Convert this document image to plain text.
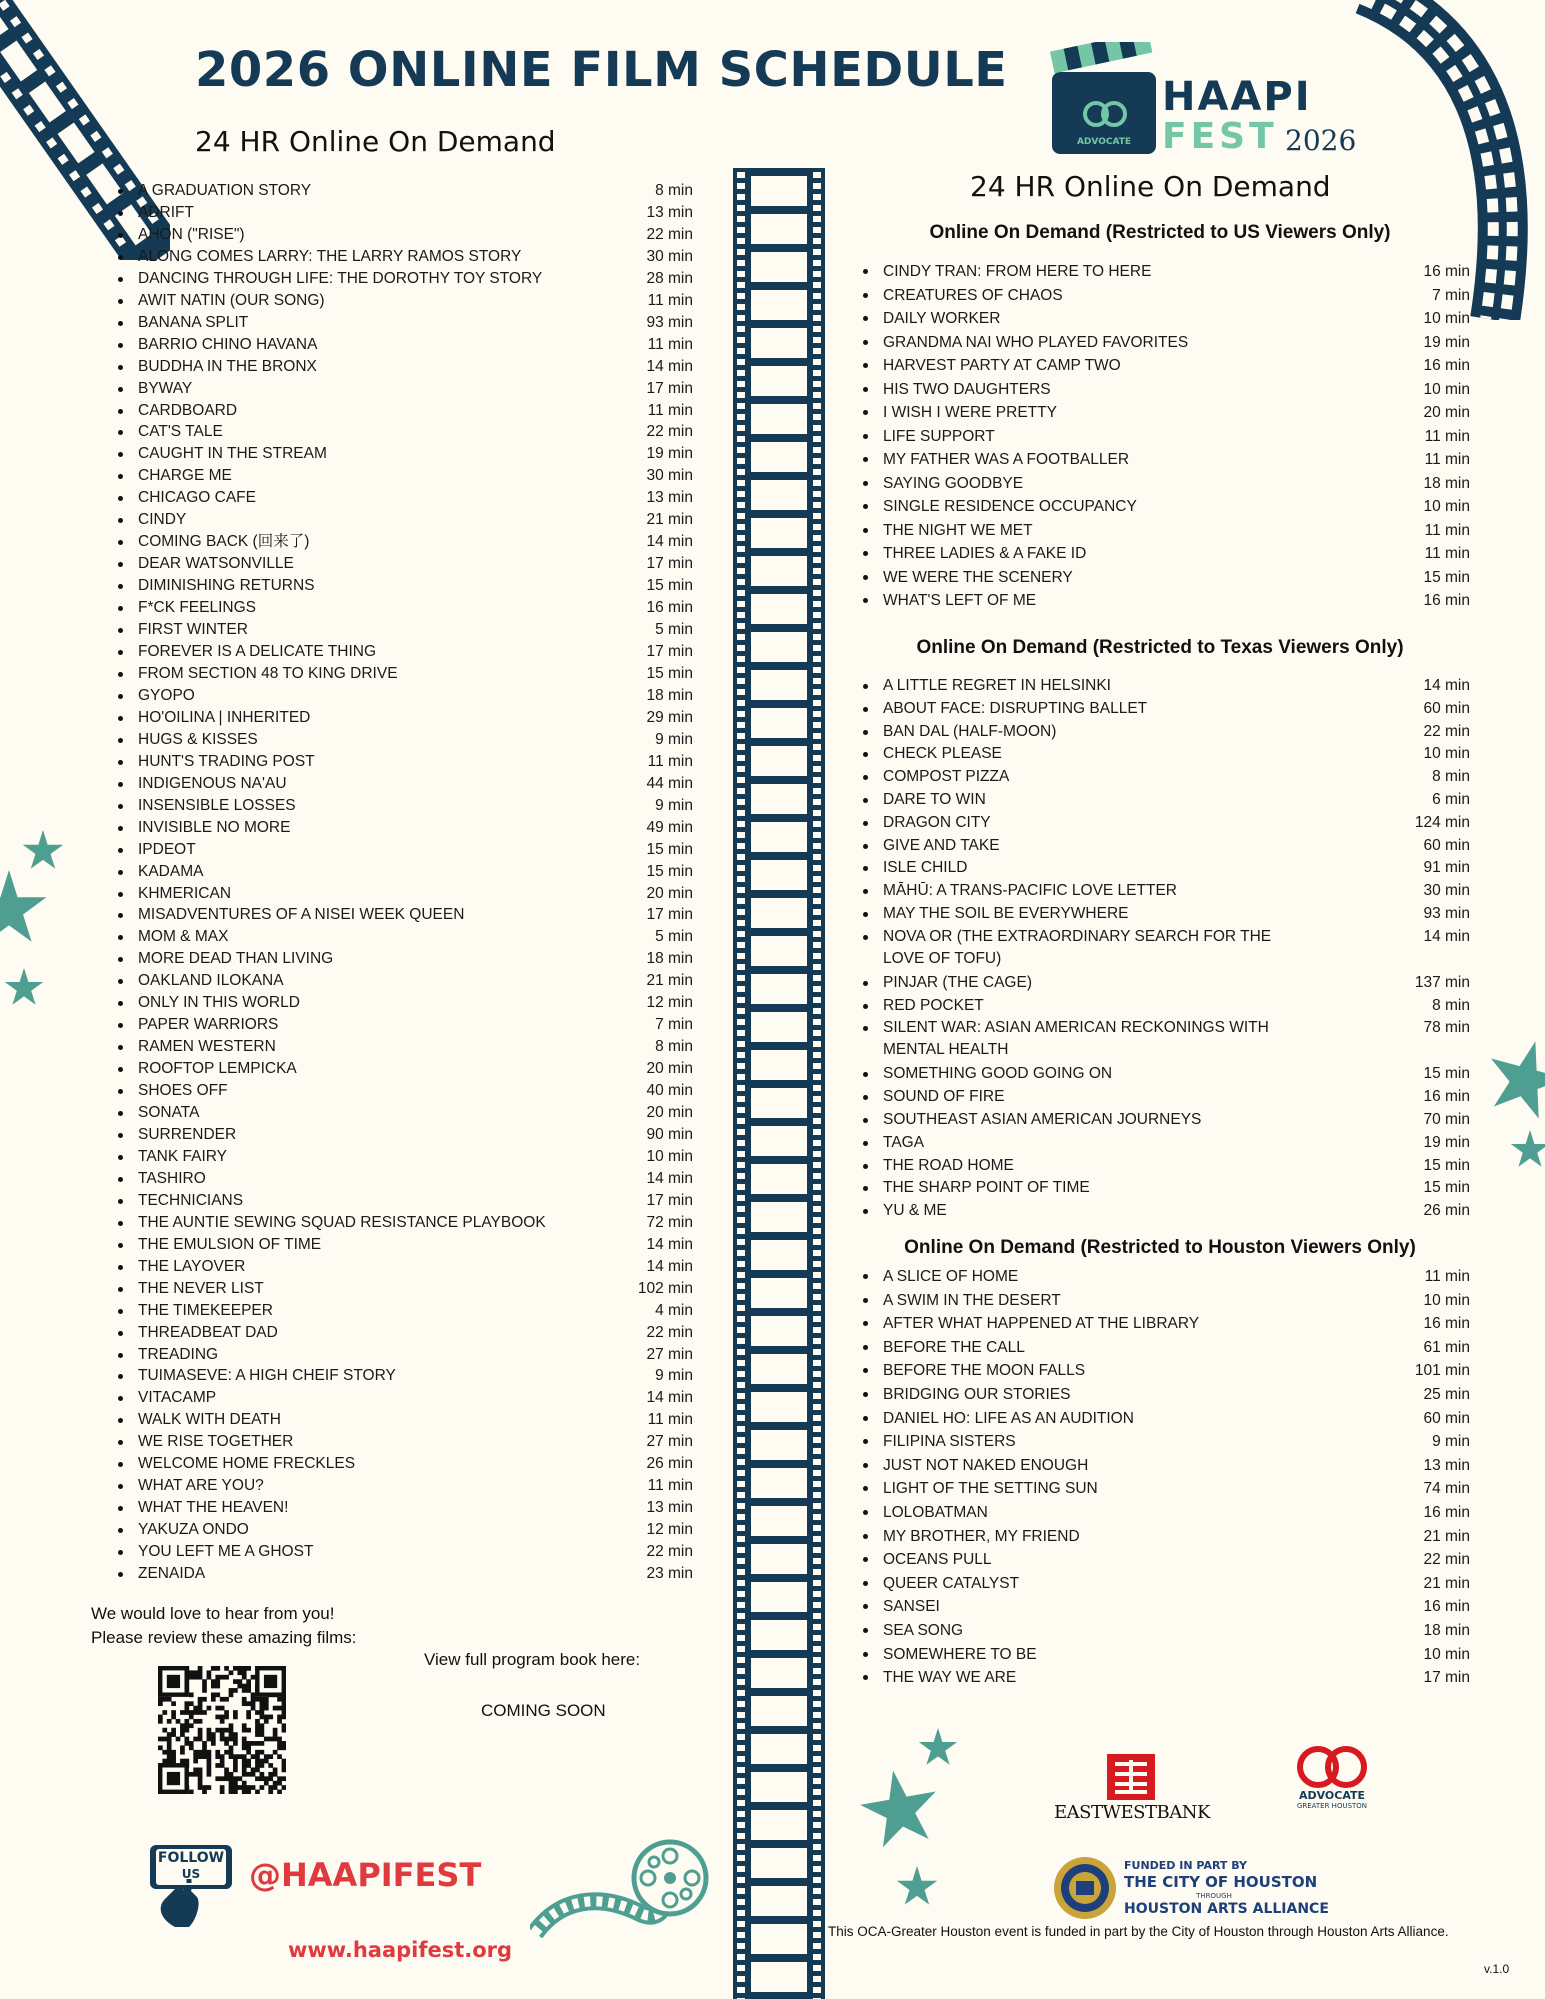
2026 ONLINE FILM SCHEDULE
24 HR Online On Demand	ADVOCATE
HAAPI
FEST 2026
A GRADUATION STORY	8 min
ADRIFT	13 min
AHON ("RISE")	22 min
ALONG COMES LARRY: THE LARRY RAMOS STORY	30 min
DANCING THROUGH LIFE: THE DOROTHY TOY STORY	28 min
AWIT NATIN (OUR SONG)	11 min
BANANA SPLIT	93 min
BARRIO CHINO HAVANA	11 min
BUDDHA IN THE BRONX	14 min
BYWAY	17 min
CARDBOARD	11 min
CAT'S TALE	22 min
CAUGHT IN THE STREAM	19 min
CHARGE ME	30 min
CHICAGO CAFE	13 min
CINDY	21 min
COMING BACK (回来了)	14 min
DEAR WATSONVILLE	17 min
DIMINISHING RETURNS	15 min
F*CK FEELINGS	16 min
FIRST WINTER	5 min
FOREVER IS A DELICATE THING	17 min
FROM SECTION 48 TO KING DRIVE	15 min
GYOPO	18 min
HO'OILINA | INHERITED	29 min
HUGS & KISSES	9 min
HUNT'S TRADING POST	11 min
INDIGENOUS NA'AU	44 min
INSENSIBLE LOSSES	9 min
INVISIBLE NO MORE	49 min
IPDEOT	15 min
KADAMA	15 min
KHMERICAN	20 min
MISADVENTURES OF A NISEI WEEK QUEEN	17 min
MOM & MAX	5 min
MORE DEAD THAN LIVING	18 min
OAKLAND ILOKANA	21 min
ONLY IN THIS WORLD	12 min
PAPER WARRIORS	7 min
RAMEN WESTERN	8 min
ROOFTOP LEMPICKA	20 min
SHOES OFF	40 min
SONATA	20 min
SURRENDER	90 min
TANK FAIRY	10 min
TASHIRO	14 min
TECHNICIANS	17 min
THE AUNTIE SEWING SQUAD RESISTANCE PLAYBOOK	72 min
THE EMULSION OF TIME	14 min
THE LAYOVER	14 min
THE NEVER LIST	102 min
THE TIMEKEEPER	4 min
THREADBEAT DAD	22 min
TREADING	27 min
TUIMASEVE: A HIGH CHEIF STORY	9 min
VITACAMP	14 min
WALK WITH DEATH	11 min
WE RISE TOGETHER	27 min
WELCOME HOME FRECKLES	26 min
WHAT ARE YOU?	11 min
WHAT THE HEAVEN!	13 min
YAKUZA ONDO	12 min
YOU LEFT ME A GHOST	22 min
ZENAIDA	23 min
24 HR Online On Demand
Online On Demand (Restricted to US Viewers Only)
CINDY TRAN: FROM HERE TO HERE	16 min
CREATURES OF CHAOS	7 min
DAILY WORKER	10 min
GRANDMA NAI WHO PLAYED FAVORITES	19 min
HARVEST PARTY AT CAMP TWO	16 min
HIS TWO DAUGHTERS	10 min
I WISH I WERE PRETTY	20 min
LIFE SUPPORT	11 min
MY FATHER WAS A FOOTBALLER	11 min
SAYING GOODBYE	18 min
SINGLE RESIDENCE OCCUPANCY	10 min
THE NIGHT WE MET	11 min
THREE LADIES & A FAKE ID	11 min
WE WERE THE SCENERY	15 min
WHAT'S LEFT OF ME	16 min
Online On Demand (Restricted to Texas Viewers Only)
A LITTLE REGRET IN HELSINKI	14 min
ABOUT FACE: DISRUPTING BALLET	60 min
BAN DAL (HALF-MOON)	22 min
CHECK PLEASE	10 min
COMPOST PIZZA	8 min
DARE TO WIN	6 min
DRAGON CITY	124 min
GIVE AND TAKE	60 min
ISLE CHILD	91 min
MĀHŪ: A TRANS-PACIFIC LOVE LETTER	30 min
MAY THE SOIL BE EVERYWHERE	93 min
NOVA OR (THE EXTRAORDINARY SEARCH FOR THE LOVE OF TOFU)
14 min
PINJAR (THE CAGE)	137 min
RED POCKET	8 min
SILENT WAR: ASIAN AMERICAN RECKONINGS WITH MENTAL HEALTH
78 min
SOMETHING GOOD GOING ON	15 min
SOUND OF FIRE	16 min
SOUTHEAST ASIAN AMERICAN JOURNEYS	70 min
TAGA	19 min
THE ROAD HOME	15 min
THE SHARP POINT OF TIME	15 min
YU & ME	26 min
Online On Demand (Restricted to Houston Viewers Only)
A SLICE OF HOME	11 min
A SWIM IN THE DESERT	10 min
AFTER WHAT HAPPENED AT THE LIBRARY	16 min
BEFORE THE CALL	61 min
BEFORE THE MOON FALLS	101 min
BRIDGING OUR STORIES	25 min
DANIEL HO: LIFE AS AN AUDITION	60 min
FILIPINA SISTERS	9 min
JUST NOT NAKED ENOUGH	13 min
LIGHT OF THE SETTING SUN	74 min
LOLOBATMAN	16 min
MY BROTHER, MY FRIEND	21 min
OCEANS PULL	22 min
QUEER CATALYST	21 min
SANSEI	16 min
SEA SONG	18 min
SOMEWHERE TO BE	10 min
THE WAY WE ARE	17 min
We would love to hear from you!
Please review these amazing films:
View full program book here:
COMING SOON
FOLLOW
US	@HAAPIFEST
www.haapifest.org
EASTWESTBANK
ADVOCATE
GREATER HOUSTON
FUNDED IN PART BY
THE CITY OF HOUSTON
THROUGH
HOUSTON ARTS ALLIANCE
This OCA-Greater Houston event is funded in part by the City of Houston through Houston Arts Alliance.
v.1.0
